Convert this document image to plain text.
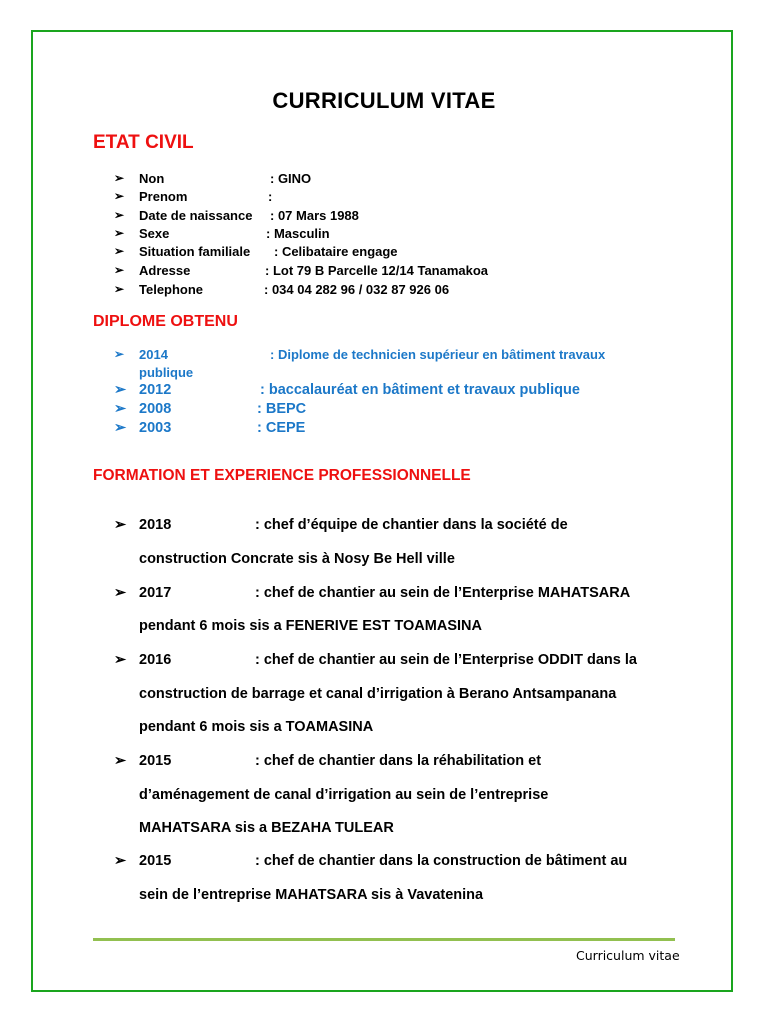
CURRICULUM VITAE
ETAT CIVIL
➢ Non	: GINO
➢ Prenom	:
➢ Date de naissance : 07 Mars 1988
➢ Sexe	: Masculin
➢ Situation familiale : Celibataire engage
➢ Adresse	: Lot 79 B Parcelle 12/14 Tanamakoa
➢ Telephone	: 034 04 282 96 / 032 87 926 06
DIPLOME OBTENU
➢ 2014	: Diplome de technicien supérieur en bâtiment travaux
publique
➢ 2012	: baccalauréat en bâtiment et travaux publique
➢ 2008	: BEPC
➢ 2003	: CEPE
FORMATION ET EXPERIENCE PROFESSIONNELLE
➢ 2018	: chef d’équipe de chantier dans la société de
construction Concrate sis à Nosy Be Hell ville
➢ 2017	: chef de chantier au sein de l’Enterprise MAHATSARA
pendant 6 mois sis a FENERIVE EST TOAMASINA
➢ 2016	: chef de chantier au sein de l’Enterprise ODDIT dans la
construction de barrage et canal d’irrigation à Berano Antsampanana
pendant 6 mois sis a TOAMASINA
➢ 2015	: chef de chantier dans la réhabilitation et
d’aménagement de canal d’irrigation au sein de l’entreprise
MAHATSARA sis a BEZAHA TULEAR
➢ 2015	: chef de chantier dans la construction de bâtiment au
sein de l’entreprise MAHATSARA sis à Vavatenina
Curriculum vitae
